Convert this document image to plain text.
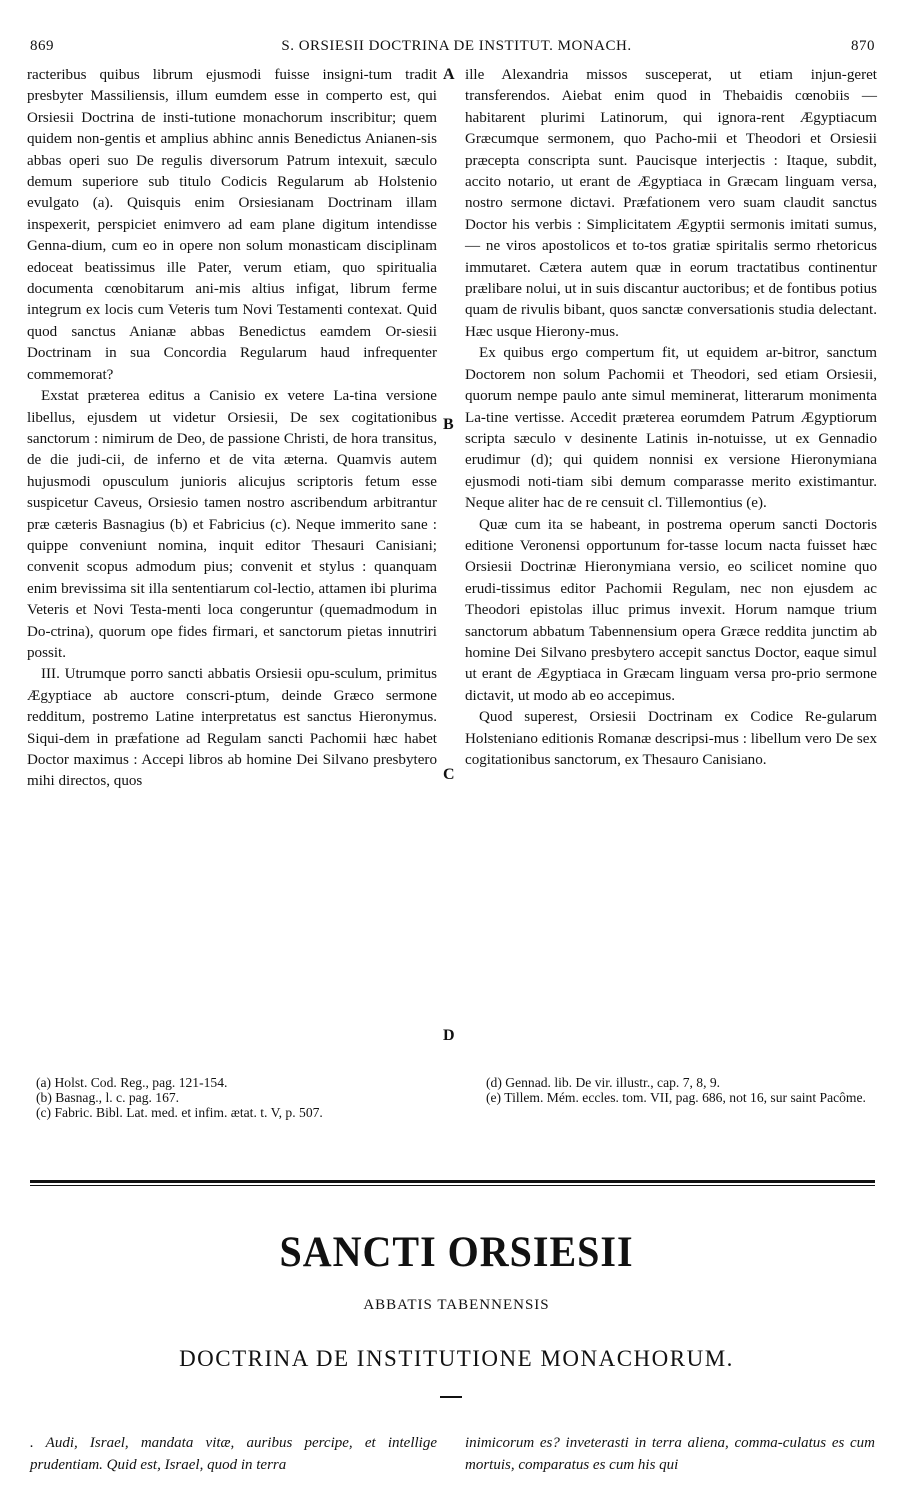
869	S. ORSIESII DOCTRINA DE INSTITUT. MONACH.	870

racteribus quibus librum ejusmodi fuisse insigni-tum tradit presbyter Massiliensis, illum eumdem esse in comperto est, qui Orsiesii Doctrina de insti-tutione monachorum inscribitur; quem quidem non-gentis et amplius abhinc annis Benedictus Anianen-sis abbas operi suo De regulis diversorum Patrum intexuit, sæculo demum superiore sub titulo Codicis Regularum ab Holstenio evulgato (a). Quisquis enim Orsiesianam Doctrinam illam inspexerit, perspiciet enimvero ad eam plane digitum intendisse Genna-dium, cum eo in opere non solum monasticam disciplinam edoceat beatissimus ille Pater, verum etiam, quo spiritualia documenta cœnobitarum ani-mis altius infigat, librum ferme integrum ex locis cum Veteris tum Novi Testamenti contexat. Quid quod sanctus Anianæ abbas Benedictus eamdem Or-siesii Doctrinam in sua Concordia Regularum haud infrequenter commemorat?

Exstat præterea editus a Canisio ex vetere La-tina versione libellus, ejusdem ut videtur Orsiesii, De sex cogitationibus sanctorum : nimirum de Deo, de passione Christi, de hora transitus, de die judi-cii, de inferno et de vita æterna. Quamvis autem hujusmodi opusculum junioris alicujus scriptoris fetum esse suspicetur Caveus, Orsiesio tamen nostro ascribendum arbitrantur præ cæteris Basnagius (b) et Fabricius (c). Neque immerito sane : quippe conveniunt nomina, inquit editor Thesauri Canisiani; convenit scopus admodum pius; convenit et stylus : quanquam enim brevissima sit illa sententiarum col-lectio, attamen ibi plurima Veteris et Novi Testa-menti loca congeruntur (quemadmodum in Do-ctrina), quorum ope fides firmari, et sanctorum pietas innutriri possit.

III. Utrumque porro sancti abbatis Orsiesii opu-sculum, primitus Ægyptiace ab auctore conscri-ptum, deinde Græco sermone redditum, postremo Latine interpretatus est sanctus Hieronymus. Siqui-dem in præfatione ad Regulam sancti Pachomii hæc habet Doctor maximus : Accepi libros ab homine Dei Silvano presbytero mihi directos, quos

A
B
C
D

ille Alexandria missos susceperat, ut etiam injun-geret transferendos. Aiebat enim quod in Thebaidis cœnobiis — habitarent plurimi Latinorum, qui ignora-rent Ægyptiacum Græcumque sermonem, quo Pacho-mii et Theodori et Orsiesii præcepta conscripta sunt. Paucisque interjectis : Itaque, subdit, accito notario, ut erant de Ægyptiaca in Græcam linguam versa, nostro sermone dictavi. Præfationem vero suam claudit sanctus Doctor his verbis : Simplicitatem Ægyptii sermonis imitati sumus, — ne viros apostolicos et to-tos gratiæ spiritalis sermo rhetoricus immutaret. Cætera autem quæ in eorum tractatibus continentur prælibare nolui, ut in suis discantur auctoribus; et de fontibus potius quam de rivulis bibant, quos sanctæ conversationis studia delectant. Hæc usque Hierony-mus.

Ex quibus ergo compertum fit, ut equidem ar-bitror, sanctum Doctorem non solum Pachomii et Theodori, sed etiam Orsiesii, quorum nempe paulo ante simul meminerat, litterarum monimenta La-tine vertisse. Accedit præterea eorumdem Patrum Ægyptiorum scripta sæculo v desinente Latinis in-notuisse, ut ex Gennadio erudimur (d); qui quidem nonnisi ex versione Hieronymiana ejusmodi noti-tiam sibi demum comparasse merito existimantur. Neque aliter hac de re censuit cl. Tillemontius (e).

Quæ cum ita se habeant, in postrema operum sancti Doctoris editione Veronensi opportunum for-tasse locum nacta fuisset hæc Orsiesii Doctrinæ Hieronymiana versio, eo scilicet nomine quo erudi-tissimus editor Pachomii Regulam, nec non ejusdem ac Theodori epistolas illuc primus invexit. Horum namque trium sanctorum abbatum Tabennensium opera Græce reddita junctim ab homine Dei Silvano presbytero accepit sanctus Doctor, eaque simul ut erant de Ægyptiaca in Græcam linguam versa pro-prio sermone dictavit, ut modo ab eo accepimus.

Quod superest, Orsiesii Doctrinam ex Codice Re-gularum Holsteniano editionis Romanæ descripsi-mus : libellum vero De sex cogitationibus sanctorum, ex Thesauro Canisiano.

(a) Holst. Cod. Reg., pag. 121-154.
(b) Basnag., l. c. pag. 167.
(c) Fabric. Bibl. Lat. med. et infim. ætat. t. V, p. 507.
(d) Gennad. lib. De vir. illustr., cap. 7, 8, 9.
(e) Tillem. Mém. eccles. tom. VII, pag. 686, not 16, sur saint Pacôme.
SANCTI ORSIESII
ABBATIS TABENNENSIS
DOCTRINA DE INSTITUTIONE MONACHORUM.
. Audi, Israel, mandata vitæ, auribus percipe, et intellige prudentiam. Quid est, Israel, quod in terra
inimicorum es? inveterasti in terra aliena, comma-culatus es cum mortuis, comparatus es cum his qui
